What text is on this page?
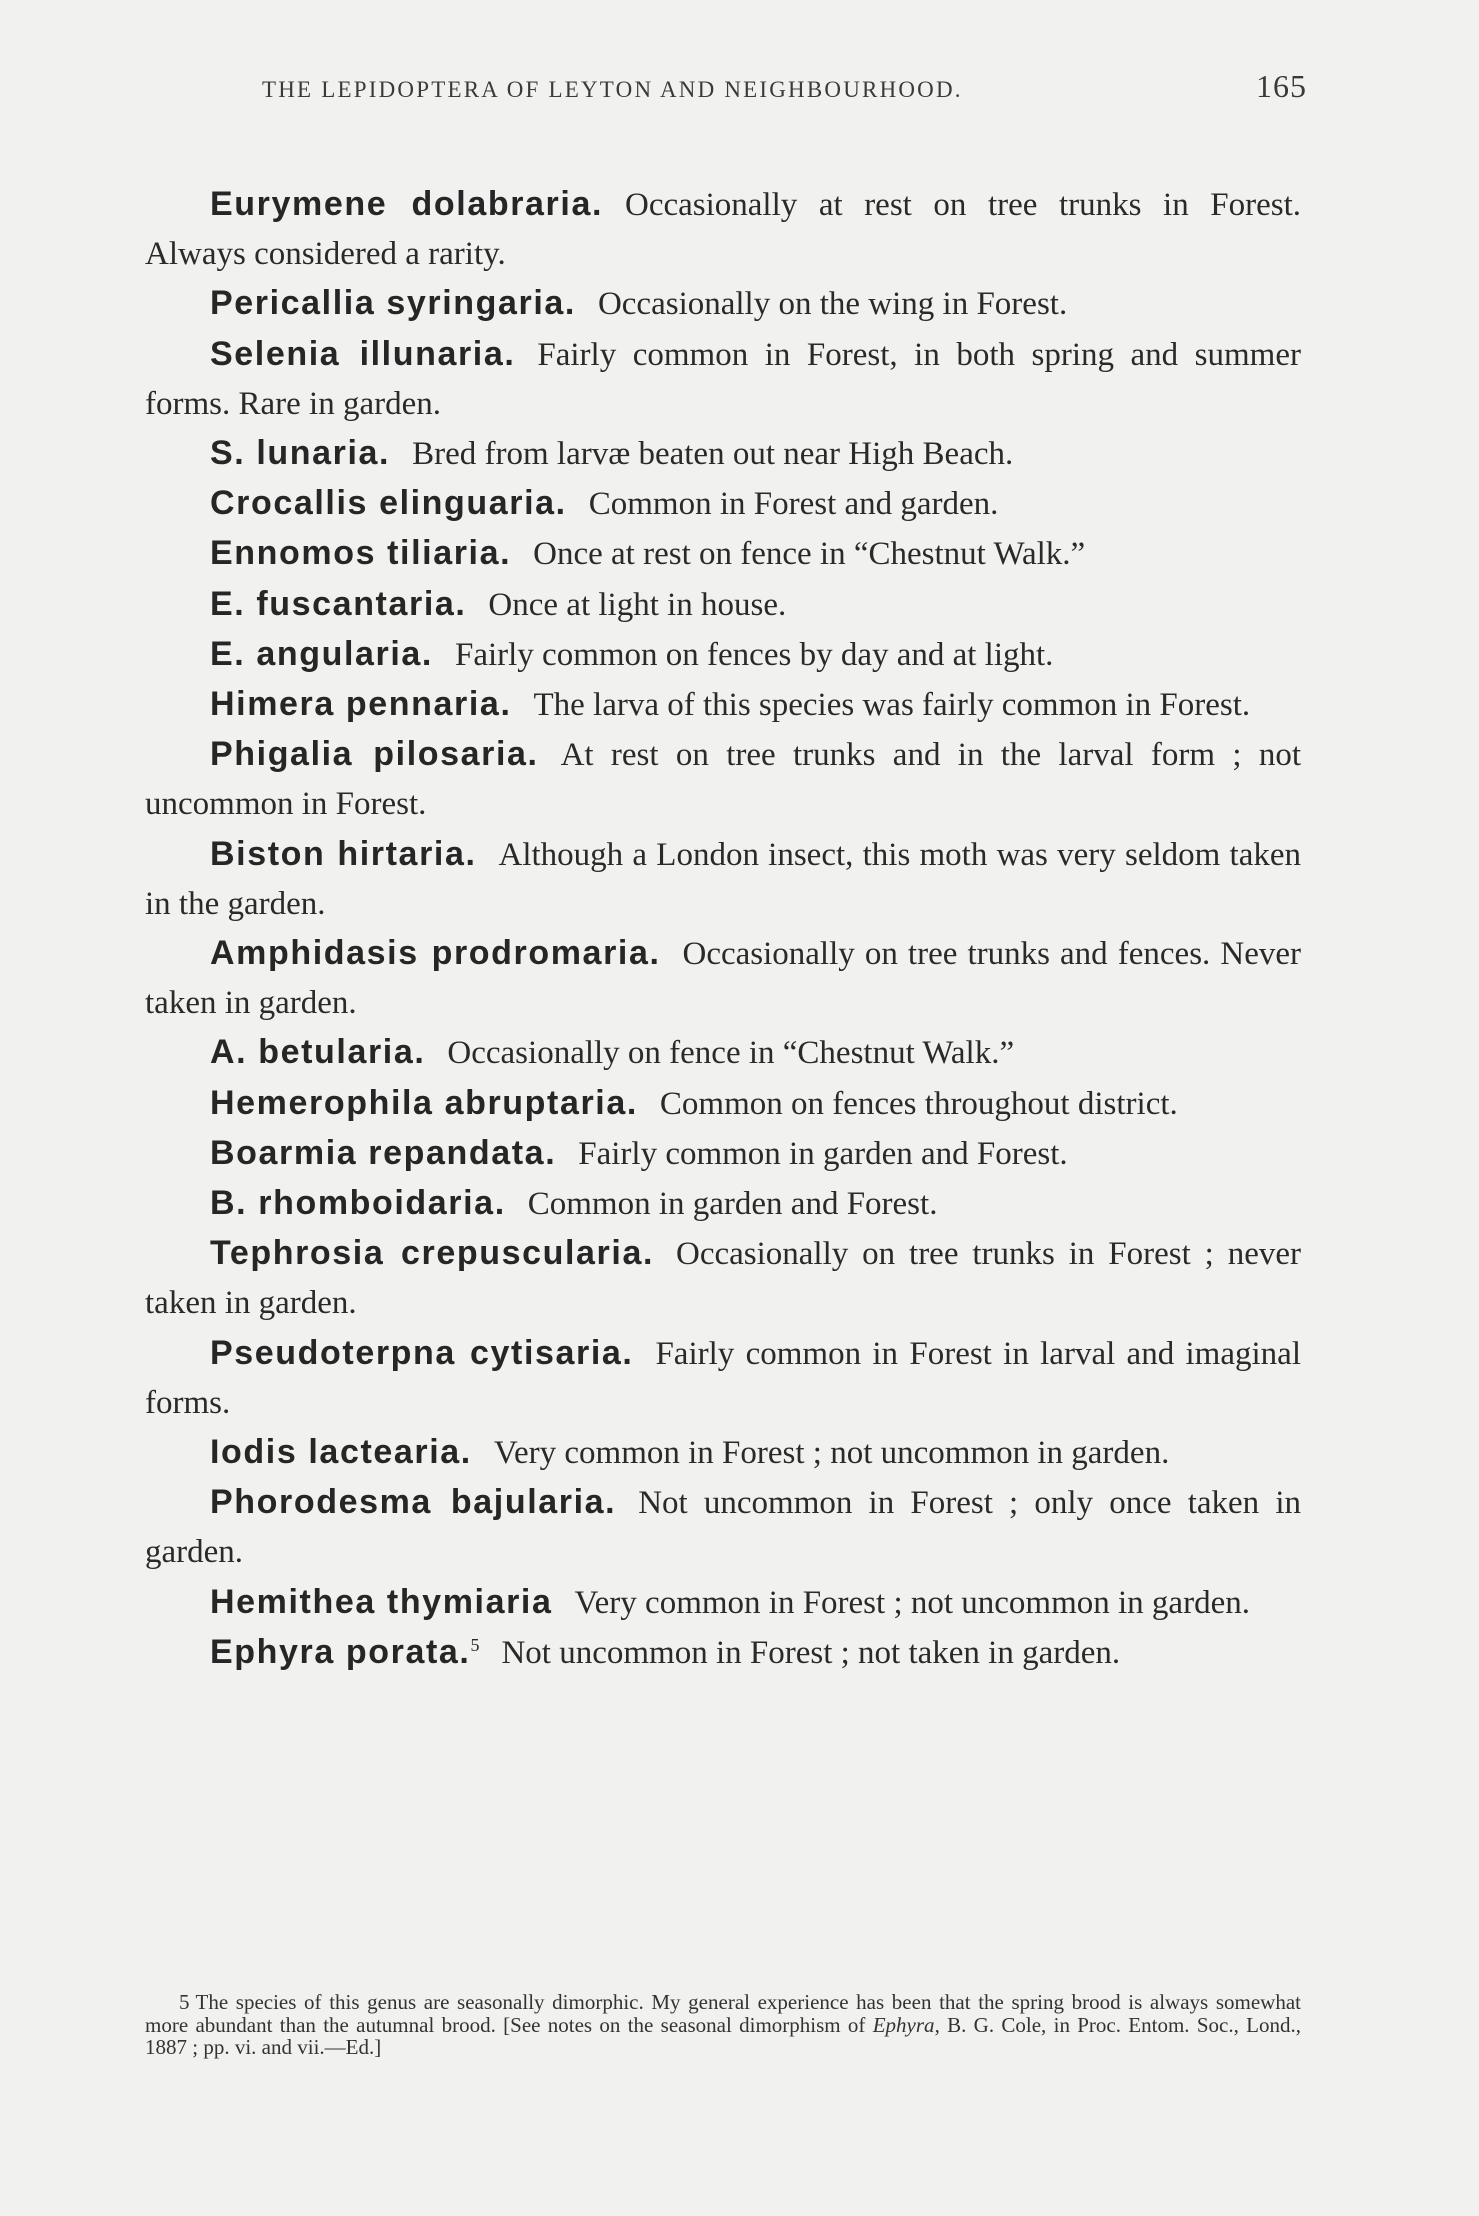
THE LEPIDOPTERA OF LEYTON AND NEIGHBOURHOOD.	165

Eurymene dolabraria. Occasionally at rest on tree trunks in Forest. Always considered a rarity.

Pericallia syringaria. Occasionally on the wing in Forest.

Selenia illunaria. Fairly common in Forest, in both spring and summer forms. Rare in garden.

S. lunaria. Bred from larvæ beaten out near High Beach.

Crocallis elinguaria. Common in Forest and garden.

Ennomos tiliaria. Once at rest on fence in “Chestnut Walk.”

E. fuscantaria. Once at light in house.

E. angularia. Fairly common on fences by day and at light.

Himera pennaria. The larva of this species was fairly common in Forest.

Phigalia pilosaria. At rest on tree trunks and in the larval form ; not uncommon in Forest.

Biston hirtaria. Although a London insect, this moth was very seldom taken in the garden.

Amphidasis prodromaria. Occasionally on tree trunks and fences. Never taken in garden.

A. betularia. Occasionally on fence in “Chestnut Walk.”

Hemerophila abruptaria. Common on fences throughout district.

Boarmia repandata. Fairly common in garden and Forest.

B. rhomboidaria. Common in garden and Forest.

Tephrosia crepuscularia. Occasionally on tree trunks in Forest ; never taken in garden.

Pseudoterpna cytisaria. Fairly common in Forest in larval and imaginal forms.

Iodis lactearia. Very common in Forest ; not uncommon in garden.

Phorodesma bajularia. Not uncommon in Forest ; only once taken in garden.

Hemithea thymiaria Very common in Forest ; not uncommon in garden.

Ephyra porata.$^5$ Not uncommon in Forest ; not taken in garden.

5 The species of this genus are seasonally dimorphic. My general experience has been that the spring brood is always somewhat more abundant than the autumnal brood. [See notes on the seasonal dimorphism of Ephyra, B. G. Cole, in Proc. Entom. Soc., Lond., 1887 ; pp. vi. and vii.—Ed.]
